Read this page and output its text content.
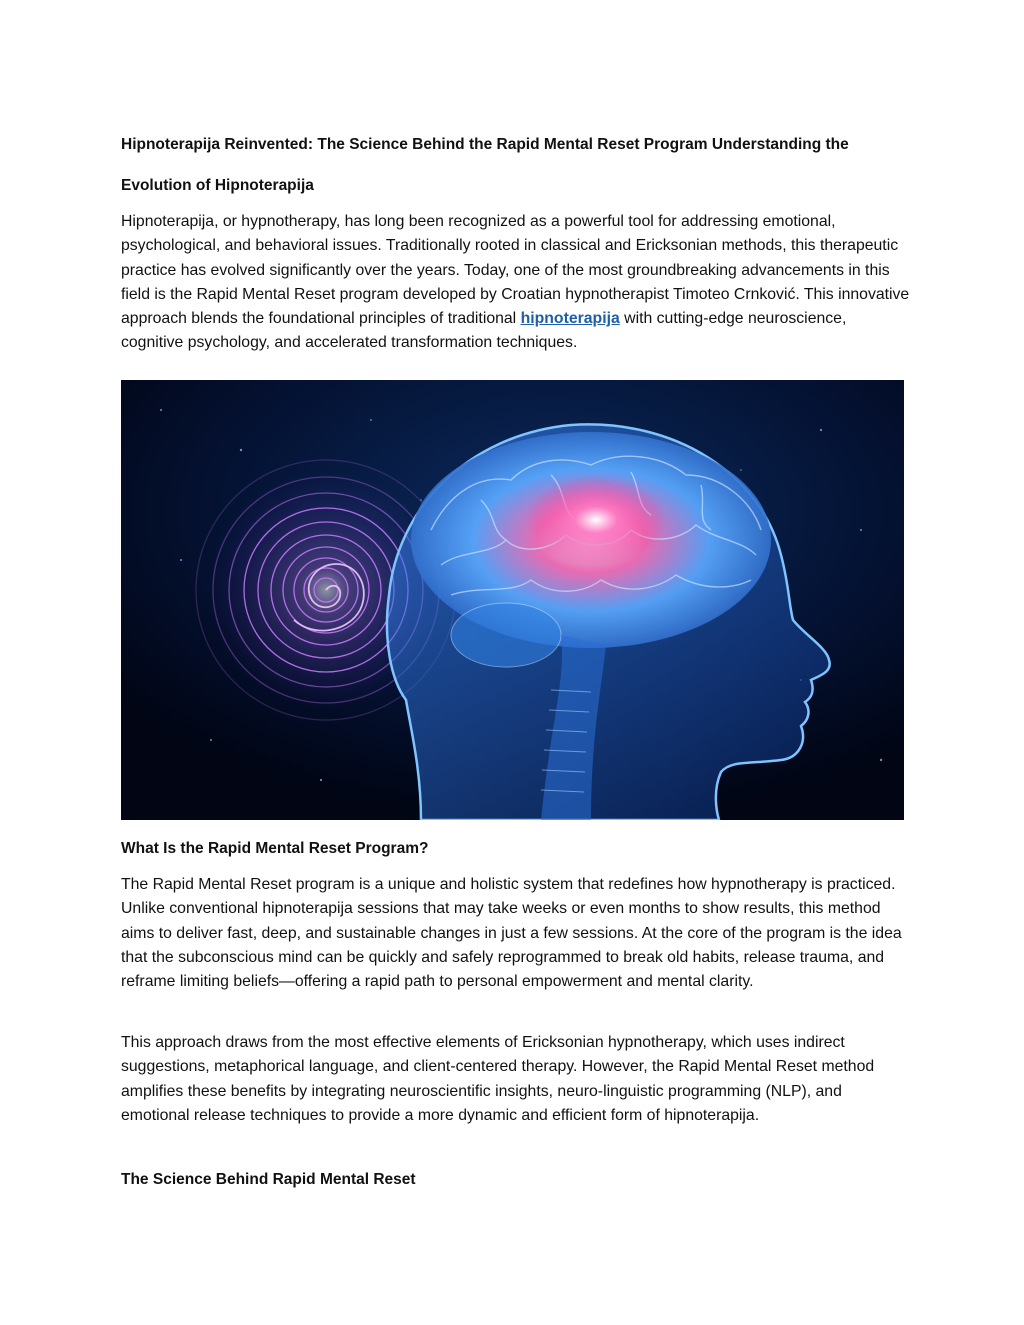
Hipnoterapija Reinvented: The Science Behind the Rapid Mental Reset Program Understanding the
Evolution of Hipnoterapija

Hipnoterapija, or hypnotherapy, has long been recognized as a powerful tool for addressing emotional, psychological, and behavioral issues. Traditionally rooted in classical and Ericksonian methods, this therapeutic practice has evolved significantly over the years. Today, one of the most groundbreaking advancements in this field is the Rapid Mental Reset program developed by Croatian hypnotherapist Timoteo Crnković. This innovative approach blends the foundational principles of traditional hipnoterapija with cutting-edge neuroscience, cognitive psychology, and accelerated transformation techniques.

What Is the Rapid Mental Reset Program?

The Rapid Mental Reset program is a unique and holistic system that redefines how hypnotherapy is practiced. Unlike conventional hipnoterapija sessions that may take weeks or even months to show results, this method aims to deliver fast, deep, and sustainable changes in just a few sessions. At the core of the program is the idea that the subconscious mind can be quickly and safely reprogrammed to break old habits, release trauma, and reframe limiting beliefs—offering a rapid path to personal empowerment and mental clarity.

This approach draws from the most effective elements of Ericksonian hypnotherapy, which uses indirect suggestions, metaphorical language, and client-centered therapy. However, the Rapid Mental Reset method amplifies these benefits by integrating neuroscientific insights, neuro-linguistic programming (NLP), and emotional release techniques to provide a more dynamic and efficient form of hipnoterapija.

The Science Behind Rapid Mental Reset
